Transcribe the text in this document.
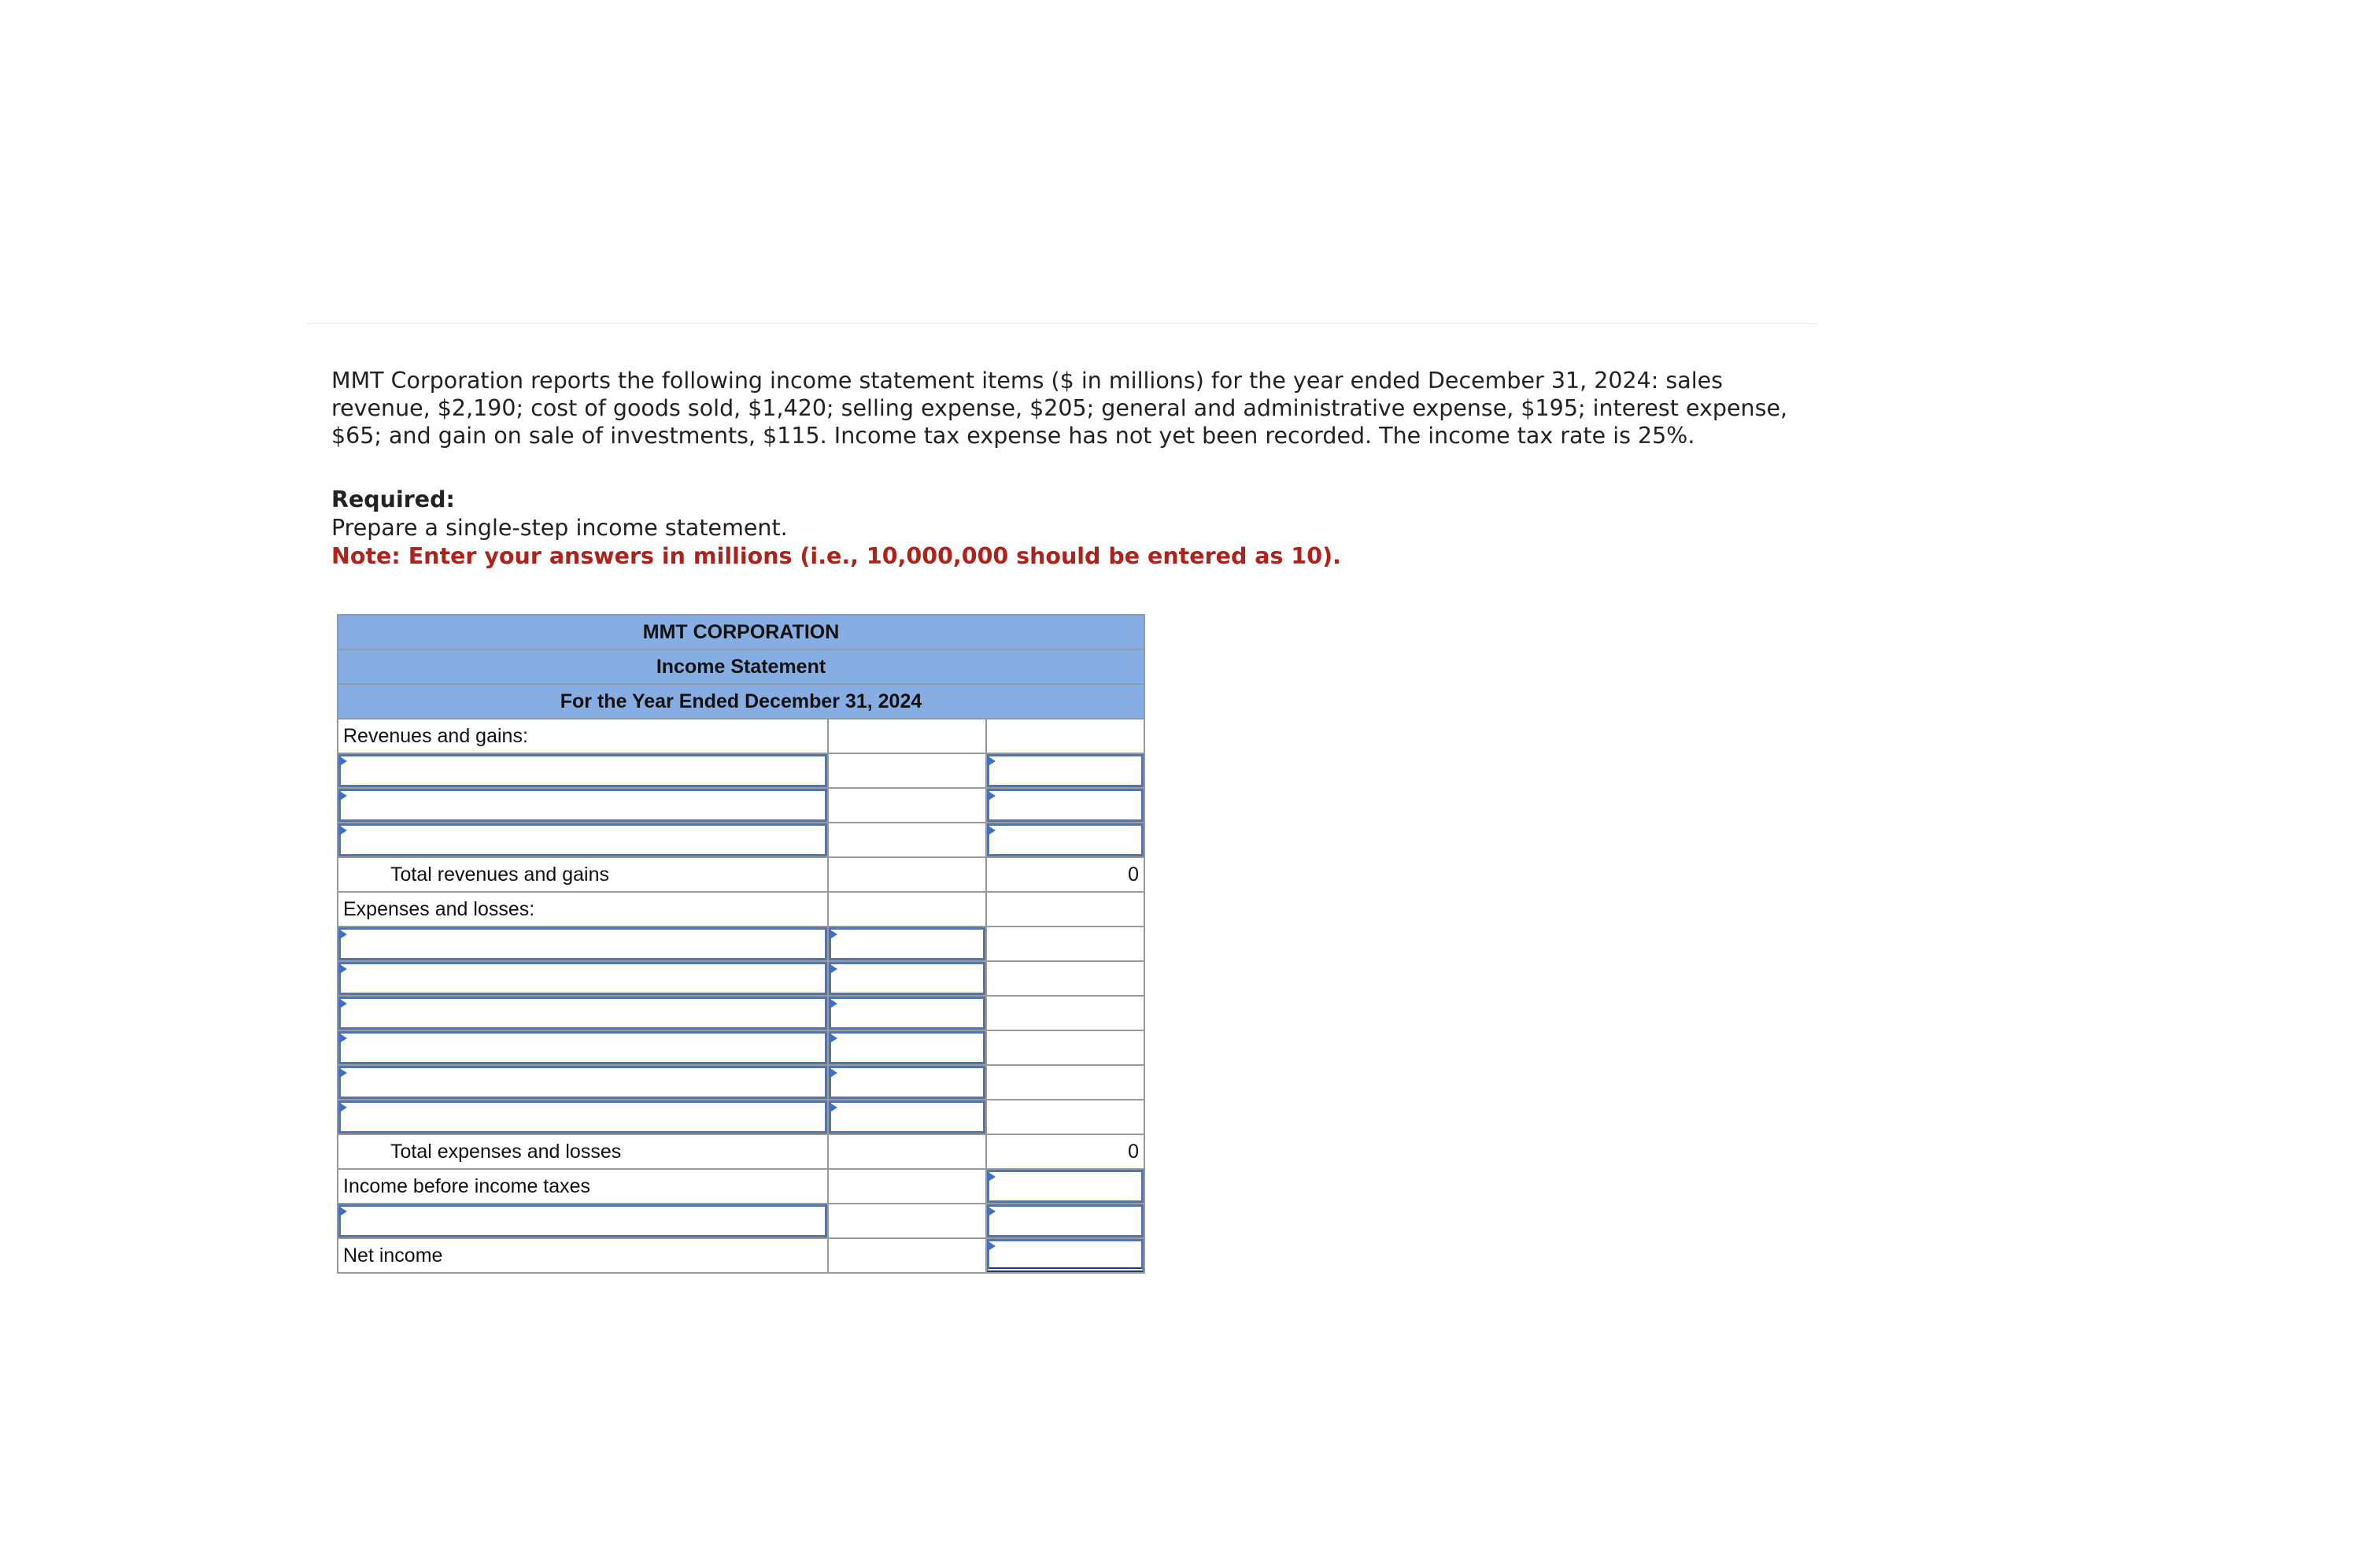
MMT Corporation reports the following income statement items ($ in millions) for the year ended December 31, 2024: sales revenue, $2,190; cost of goods sold, $1,420; selling expense, $205; general and administrative expense, $195; interest expense, $65; and gain on sale of investments, $115. Income tax expense has not yet been recorded. The income tax rate is 25%.

Required:
Prepare a single-step income statement.
Note: Enter your answers in millions (i.e., 10,000,000 should be entered as 10).
MMT CORPORATION		
Income Statement		
For the Year Ended December 31, 2024		
Revenues and gains:		

Total revenues and gains		0
Expenses and losses:		

Total expenses and losses		0
Income before income taxes		

Net income		
